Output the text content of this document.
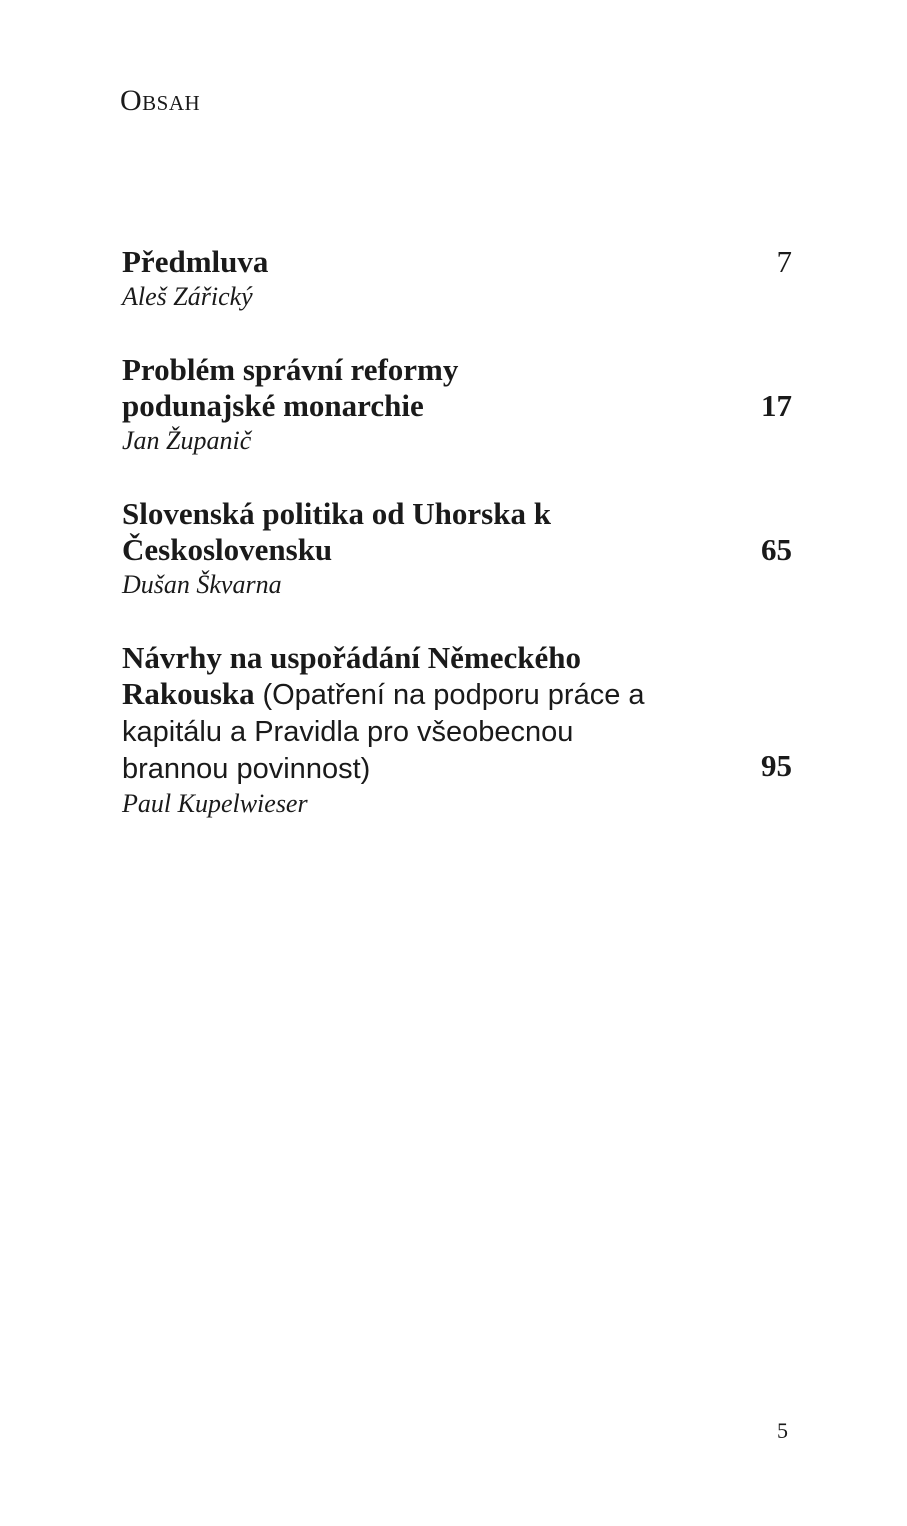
Obsah
Předmluva
Aleš Zářický
7
Problém správní reformy podunajské monarchie
Jan Županič
17
Slovenská politika od Uhorska k Československu
Dušan Škvarna
65
Návrhy na uspořádání Německého Rakouska (Opatření na podporu práce a kapitálu a Pravidla pro všeobecnou brannou povinnost)
Paul Kupelwieser
95
5
